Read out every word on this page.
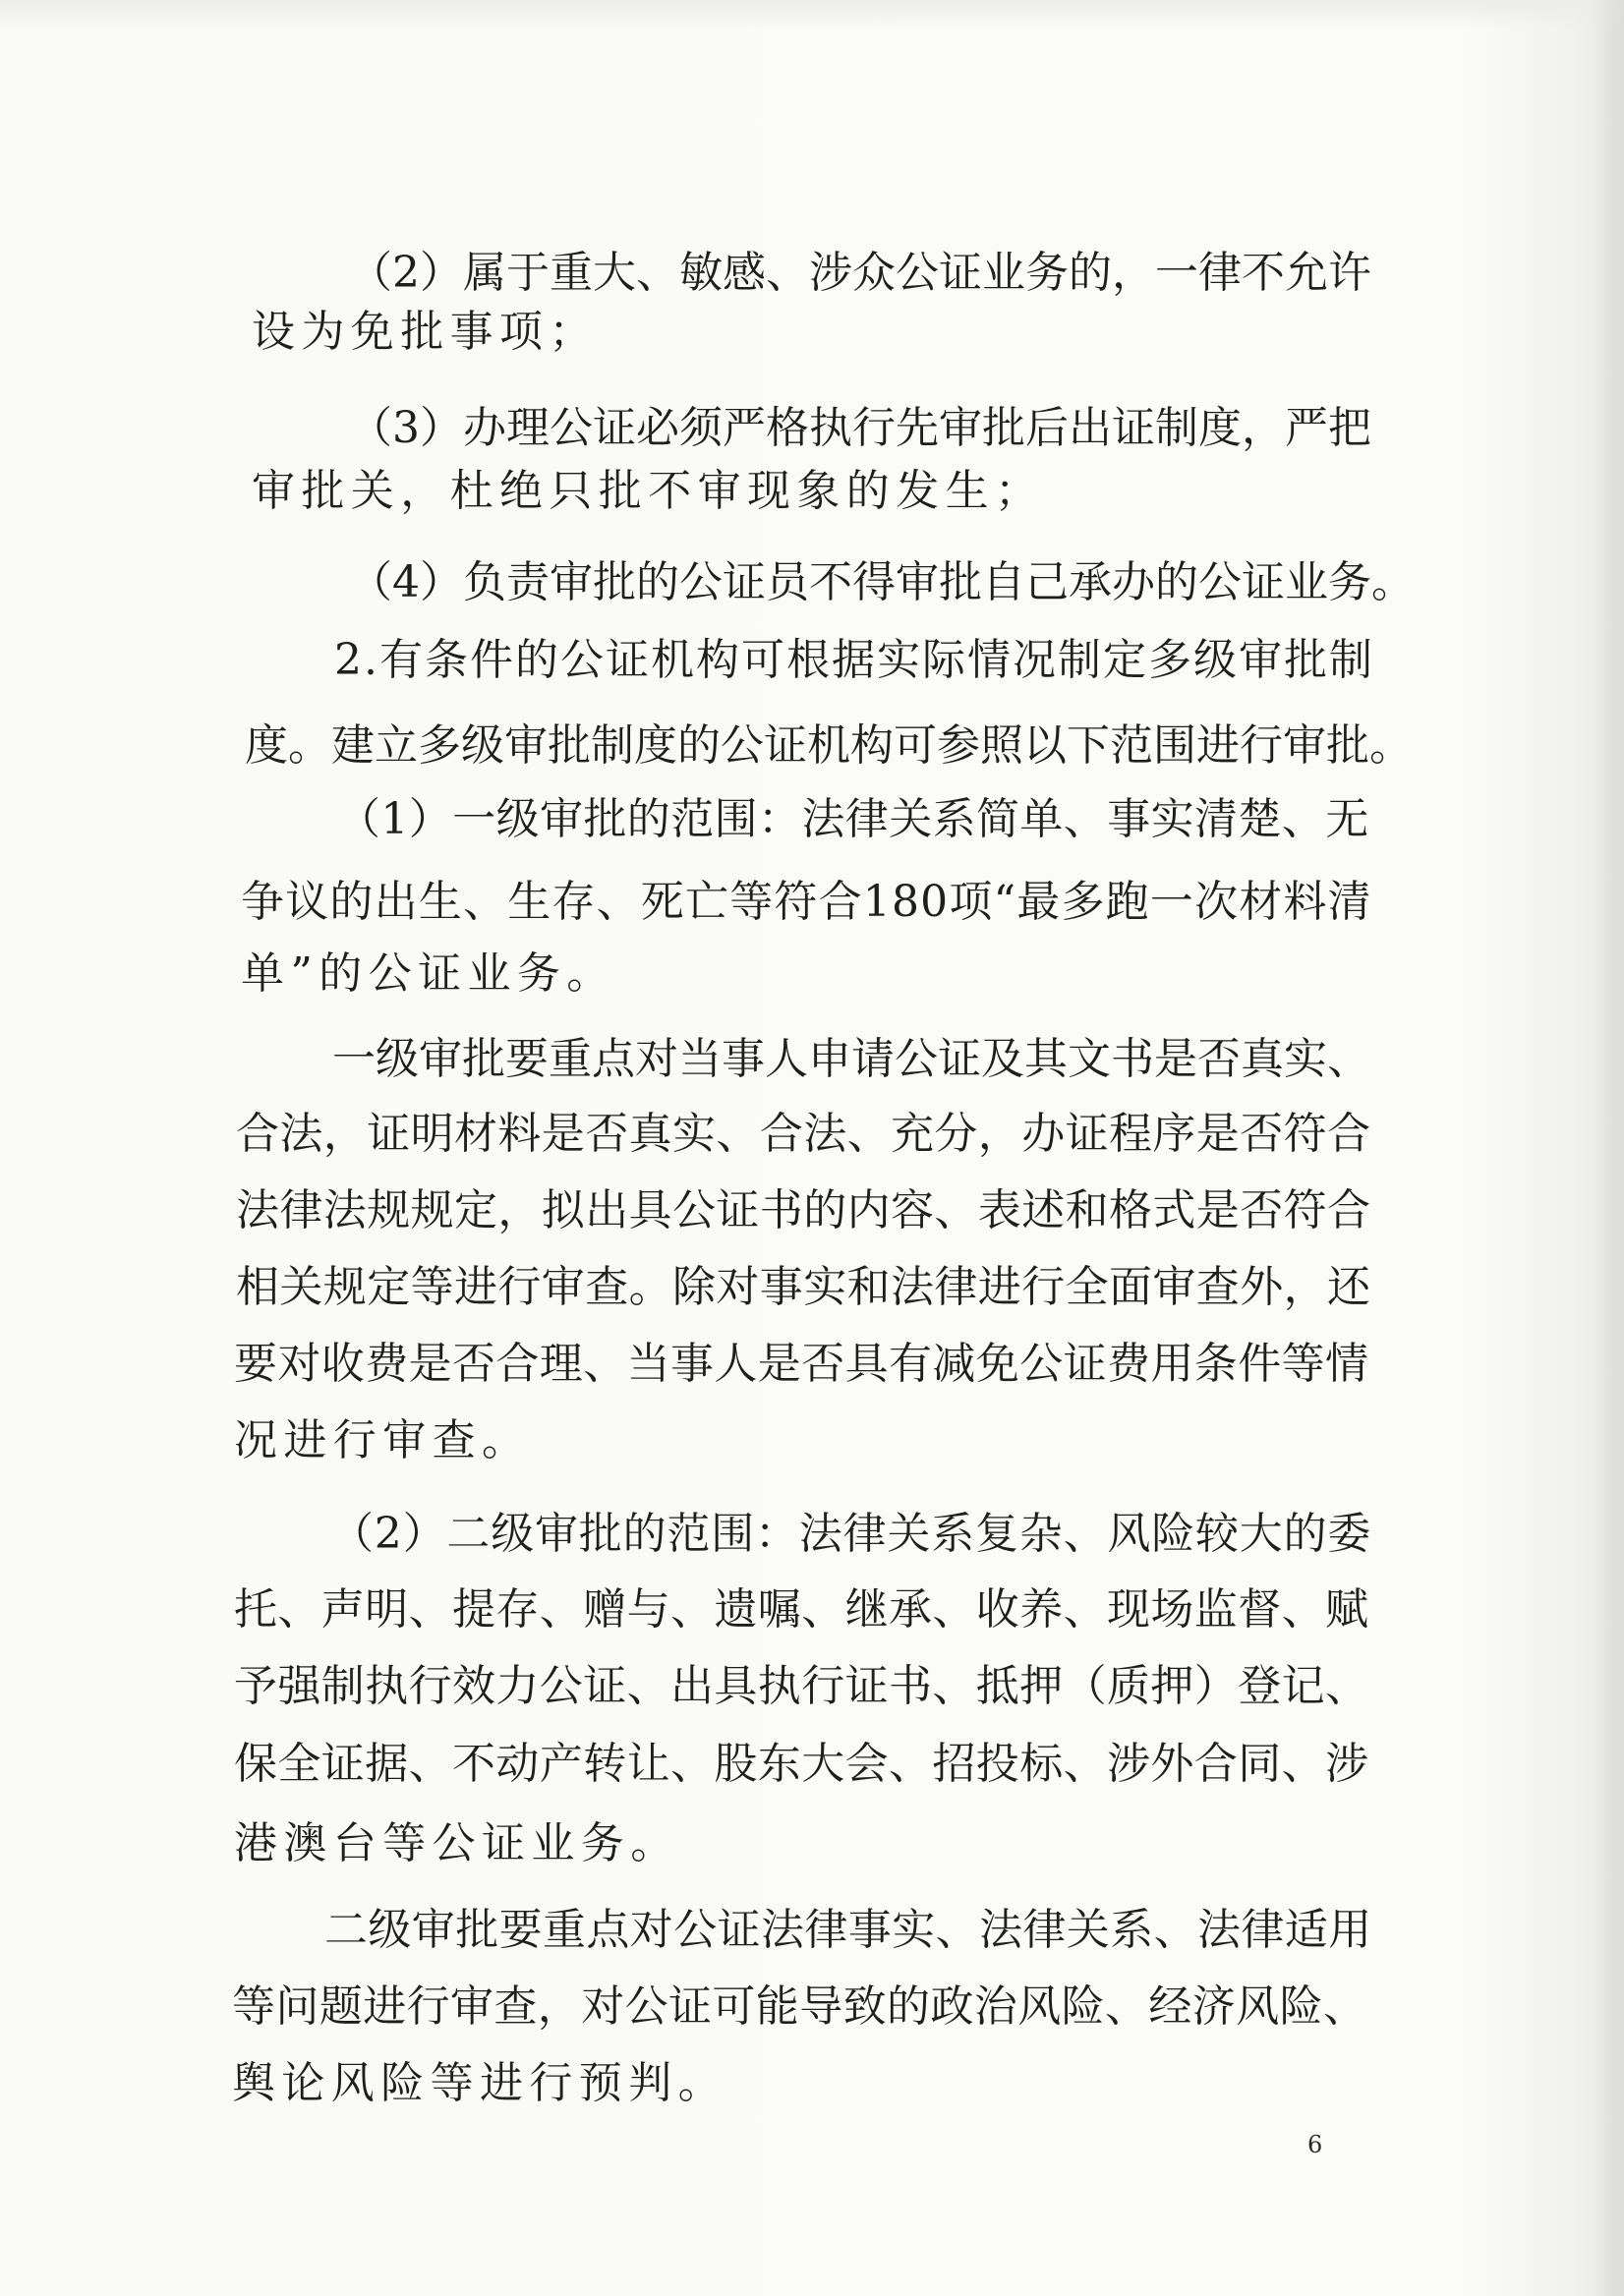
（2）属于重大、敏感、涉众公证业务的，一律不允许
设为免批事项；
（3）办理公证必须严格执行先审批后出证制度，严把
审批关，杜绝只批不审现象的发生；
（4）负责审批的公证员不得审批自己承办的公证业务。
2.有条件的公证机构可根据实际情况制定多级审批制
度。建立多级审批制度的公证机构可参照以下范围进行审批。
（1）一级审批的范围：法律关系简单、事实清楚、无
争议的出生、生存、死亡等符合180项“最多跑一次材料清
单”的公证业务。
一级审批要重点对当事人申请公证及其文书是否真实、
合法，证明材料是否真实、合法、充分，办证程序是否符合
法律法规规定，拟出具公证书的内容、表述和格式是否符合
相关规定等进行审查。除对事实和法律进行全面审查外，还
要对收费是否合理、当事人是否具有减免公证费用条件等情
况进行审查。
（2）二级审批的范围：法律关系复杂、风险较大的委
托、声明、提存、赠与、遗嘱、继承、收养、现场监督、赋
予强制执行效力公证、出具执行证书、抵押（质押）登记、
保全证据、不动产转让、股东大会、招投标、涉外合同、涉
港澳台等公证业务。
二级审批要重点对公证法律事实、法律关系、法律适用
等问题进行审查，对公证可能导致的政治风险、经济风险、
舆论风险等进行预判。
6
